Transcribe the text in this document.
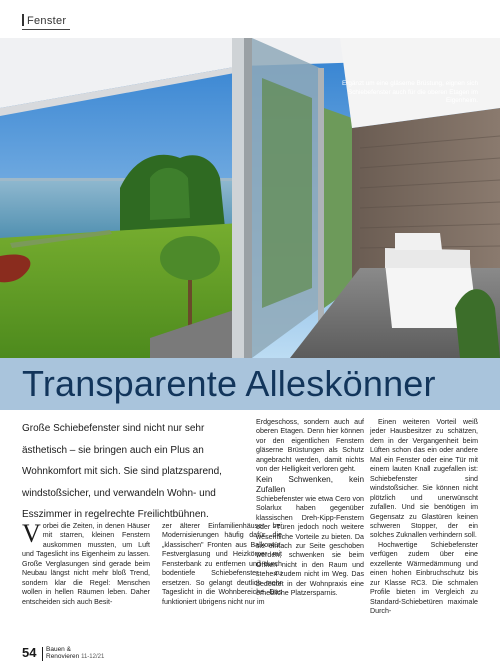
Fenster
Ergänzt um eine gläserne Brüstung, eignen sich Schiebefenster auch für die oberen Etagen im Eigenheim.
Transparente Alleskönner
Große Schiebefenster sind nicht nur sehr ästhetisch – sie bringen auch ein Plus an Wohnkomfort mit sich. Sie sind platzsparend, windstoßsicher, und verwandeln Wohn- und Esszimmer in regelrechte Freilichtbühnen.

Vorbei die Zeiten, in denen Häuser mit starren, kleinen Fenstern auskommen mussten, um Luft und Tageslicht ins Eigenheim zu lassen. Große Verglasungen sind gerade beim Neubau längst nicht mehr bloß Trend, sondern klar die Regel: Menschen wollen in hellen Räumen leben. Daher entscheiden sich auch Besit-

zer älterer Einfamilienhäuser bei Modernisierungen häufig dafür, die „klassischen" Fronten aus Balkontür, Festverglasung und Heizkörper mit Fensterbank zu entfernen und durch bodentiefe Schiebefenster zu ersetzen. So gelangt deutlich mehr Tageslicht in die Wohnbereiche. Das funktioniert übrigens nicht nur im

Erdgeschoss, sondern auch auf oberen Etagen. Denn hier können vor den eigentlichen Fenstern gläserne Brüstungen als Schutz angebracht werden, damit nichts von der Helligkeit verloren geht.

Kein Schwenken, kein Zufallen

Schiebefenster wie etwa Cero von Solarlux haben gegenüber klassischen Dreh-Kipp-Fenstern oder -Türen jedoch noch weitere wesentliche Vorteile zu bieten. Da sie einfach zur Seite geschoben werden, schwenken sie beim Öffnen nicht in den Raum und stehen zudem nicht im Weg. Das bedeutet in der Wohnpraxis eine erhebliche Platzersparnis.

Einen weiteren Vorteil weiß jeder Hausbesitzer zu schätzen, dem in der Vergangenheit beim Lüften schon das ein oder andere Mal ein Fenster oder eine Tür mit einem lauten Knall zugefallen ist: Schiebefenster sind windstoßsicher. Sie können nicht plötzlich und unerwünscht zufallen. Und sie benötigen im Gegensatz zu Glastüren keinen schweren Stopper, der ein solches Zuknallen verhindern soll.

Hochwertige Schiebefenster verfügen zudem über eine exzellente Wärmedämmung und einen hohen Einbruchschutz bis zur Klasse RC3. Die schmalen Profile bieten im Vergleich zu Standard-Schiebetüren maximale Durch-

54 Bauen &
Renovieren 11-12/21
